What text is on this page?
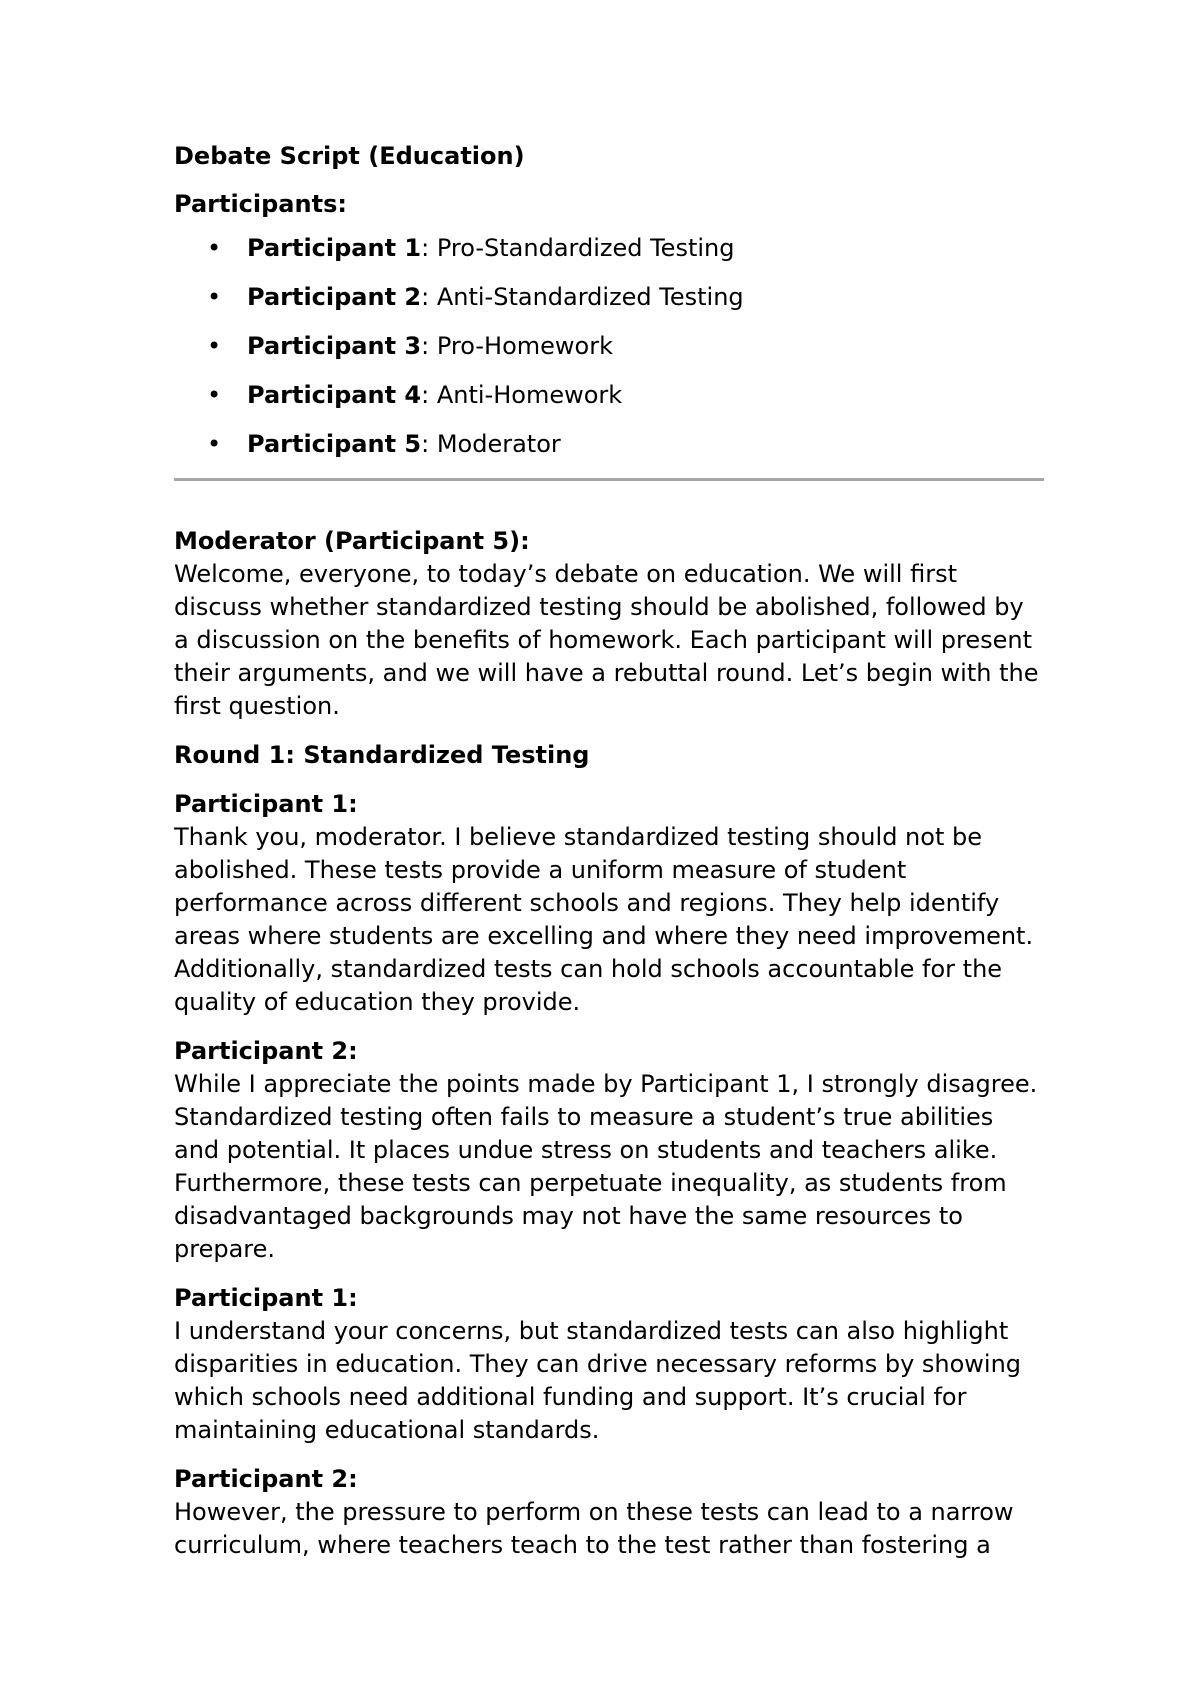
Debate Script (Education)

Participants:

• Participant 1: Pro-Standardized Testing
• Participant 2: Anti-Standardized Testing
• Participant 3: Pro-Homework
• Participant 4: Anti-Homework
• Participant 5: Moderator
Moderator (Participant 5):
Welcome, everyone, to today’s debate on education. We will first discuss whether standardized testing should be abolished, followed by a discussion on the benefits of homework. Each participant will present their arguments, and we will have a rebuttal round. Let’s begin with the first question.

Round 1: Standardized Testing

Participant 1:
Thank you, moderator. I believe standardized testing should not be abolished. These tests provide a uniform measure of student performance across different schools and regions. They help identify areas where students are excelling and where they need improvement. Additionally, standardized tests can hold schools accountable for the quality of education they provide.
Participant 2:
While I appreciate the points made by Participant 1, I strongly disagree. Standardized testing often fails to measure a student’s true abilities and potential. It places undue stress on students and teachers alike. Furthermore, these tests can perpetuate inequality, as students from disadvantaged backgrounds may not have the same resources to prepare.
Participant 1:
I understand your concerns, but standardized tests can also highlight disparities in education. They can drive necessary reforms by showing which schools need additional funding and support. It’s crucial for maintaining educational standards.
Participant 2:
However, the pressure to perform on these tests can lead to a narrow curriculum, where teachers teach to the test rather than fostering a
